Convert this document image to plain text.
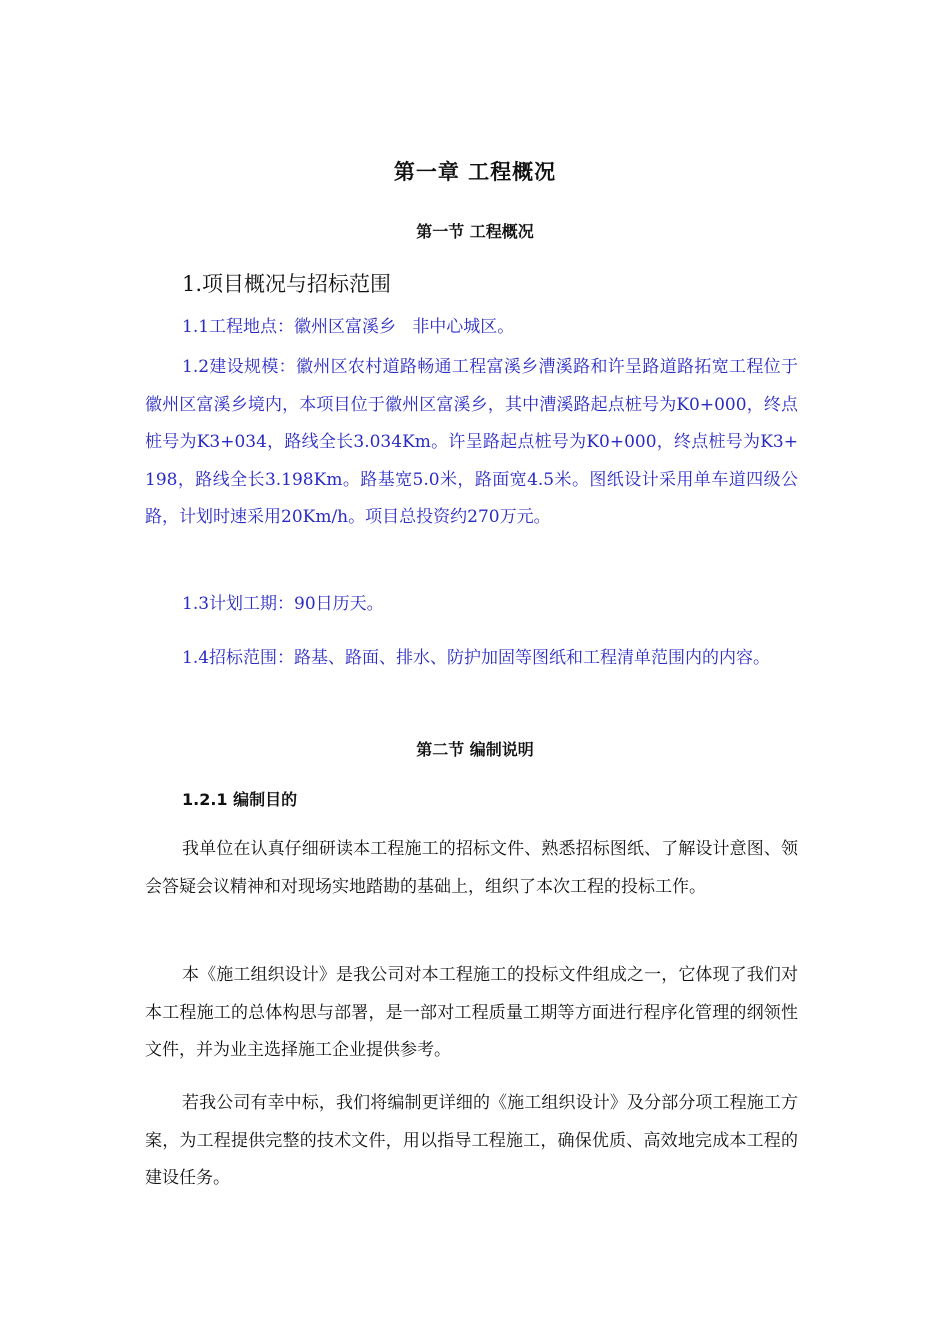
第一章 工程概况
第一节 工程概况
1.项目概况与招标范围
1.1工程地点：徽州区富溪乡   非中心城区。
1.2建设规模：徽州区农村道路畅通工程富溪乡漕溪路和许呈路道路拓宽工程位于徽州区富溪乡境内，本项目位于徽州区富溪乡，其中漕溪路起点桩号为K0+000，终点桩号为K3+034，路线全长3.034Km。许呈路起点桩号为K0+000，终点桩号为K3+198，路线全长3.198Km。路基宽5.0米，路面宽4.5米。图纸设计采用单车道四级公路，计划时速采用20Km/h。项目总投资约270万元。
1.3计划工期：90日历天。
1.4招标范围：路基、路面、排水、防护加固等图纸和工程清单范围内的内容。
第二节 编制说明
1.2.1 编制目的
我单位在认真仔细研读本工程施工的招标文件、熟悉招标图纸、了解设计意图、领会答疑会议精神和对现场实地踏勘的基础上，组织了本次工程的投标工作。
本《施工组织设计》是我公司对本工程施工的投标文件组成之一，它体现了我们对本工程施工的总体构思与部署，是一部对工程质量工期等方面进行程序化管理的纲领性文件，并为业主选择施工企业提供参考。
若我公司有幸中标，我们将编制更详细的《施工组织设计》及分部分项工程施工方案，为工程提供完整的技术文件，用以指导工程施工，确保优质、高效地完成本工程的建设任务。
